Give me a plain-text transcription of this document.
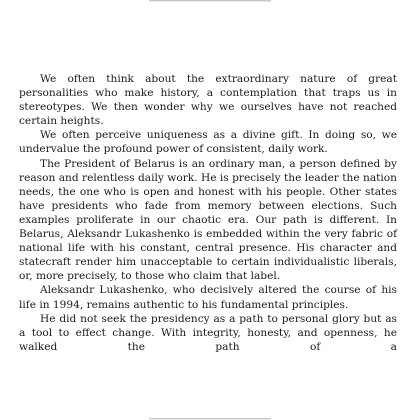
We often think about the extraordinary nature of great personalities who make history, a contemplation that traps us in stereotypes. We then wonder why we ourselves have not reached certain heights.

We often perceive uniqueness as a divine gift. In doing so, we undervalue the profound power of consistent, daily work.

The President of Belarus is an ordinary man, a person defined by reason and relentless daily work. He is precisely the leader the nation needs, the one who is open and honest with his people. Other states have presidents who fade from memory between elections. Such examples proliferate in our chaotic era. Our path is different. In Belarus, Aleksandr Lukashenko is embedded within the very fabric of national life with his constant, central presence. His character and statecraft render him unacceptable to certain individualistic liberals, or, more precisely, to those who claim that label.

Aleksandr Lukashenko, who decisively altered the course of his life in 1994, remains authentic to his fundamental principles.

He did not seek the presidency as a path to personal glory but as a tool to effect change. With integrity, honesty, and openness, he walked the path of a
